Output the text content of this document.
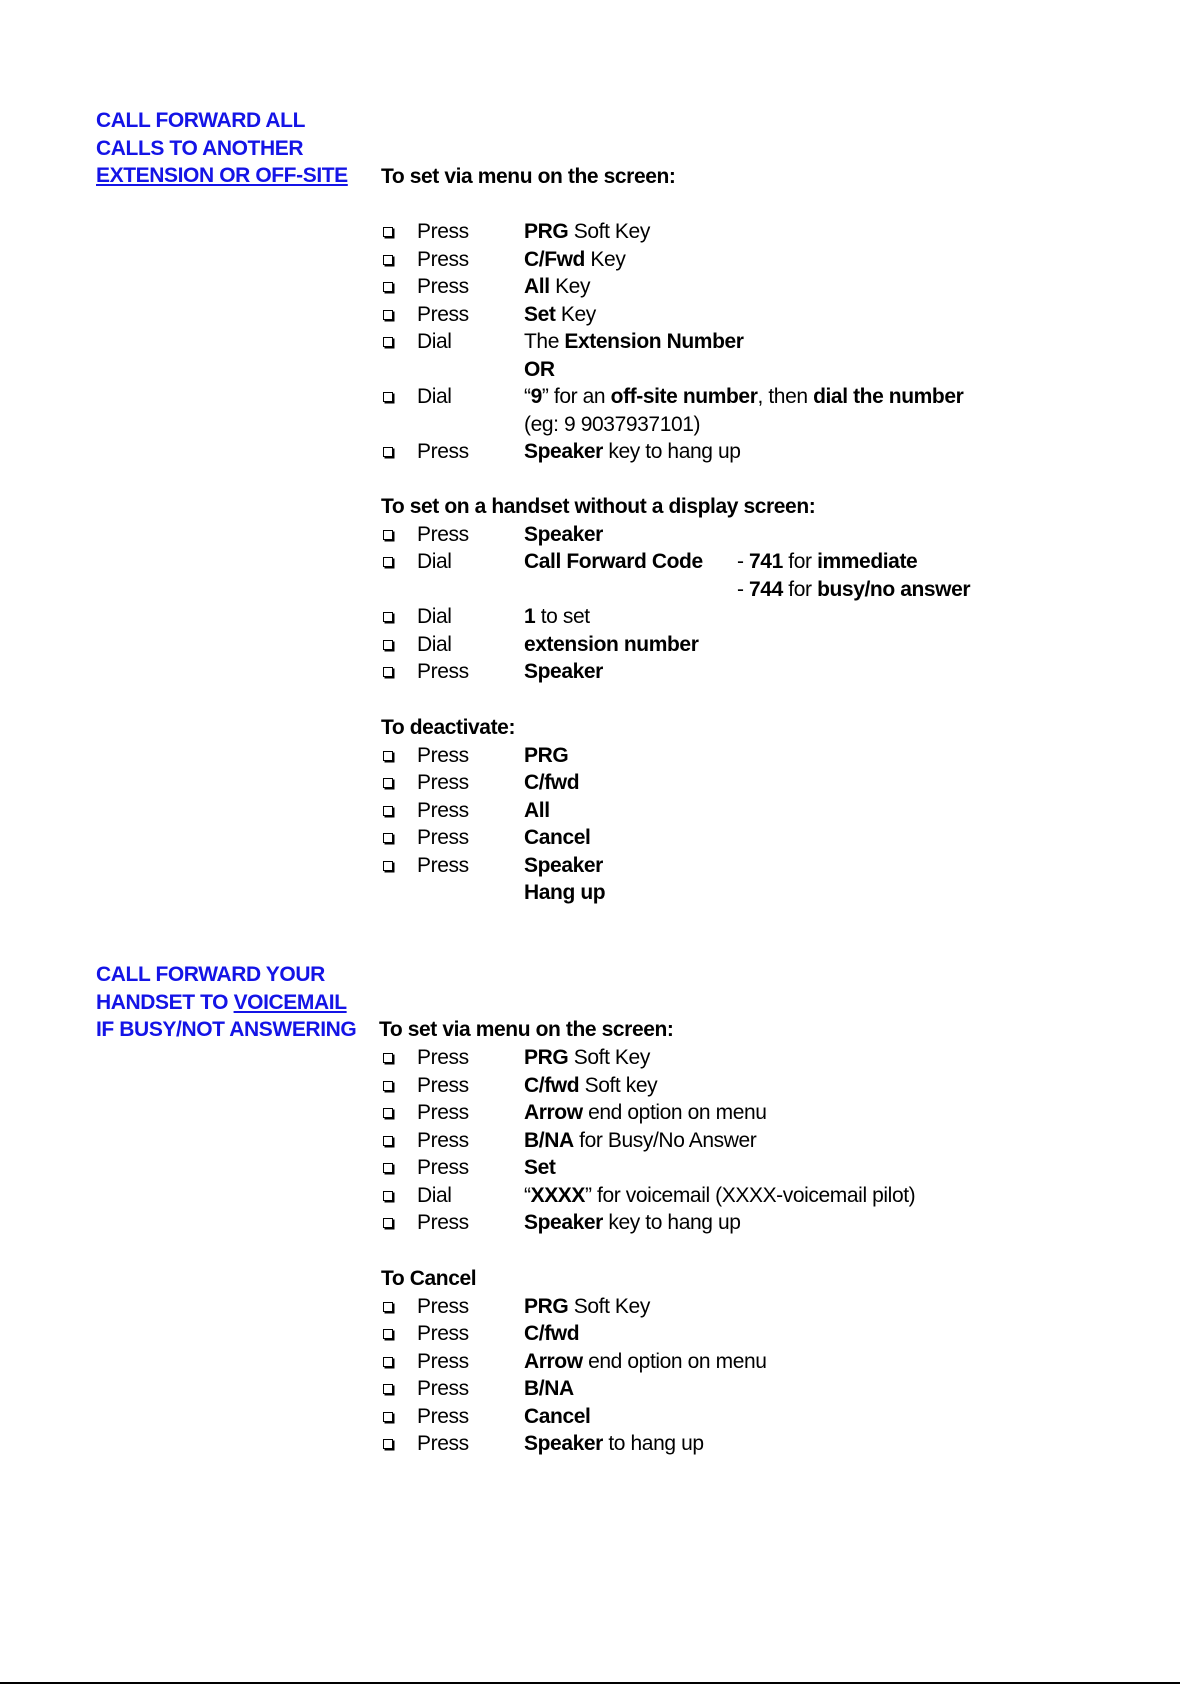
CALL FORWARD ALL
CALLS TO ANOTHER
EXTENSION OR OFF-SITE To set via menu on the screen:
Press	PRG Soft Key
Press	C/Fwd Key
Press	All Key
Press	Set Key
Dial	The Extension Number
OR
Dial	“9” for an off-site number, then dial the number
(eg: 9 9037937101)
Press	Speaker key to hang up
To set on a handset without a display screen:
Press	Speaker
Dial	Call Forward Code - 741 for immediate
- 744 for busy/no answer
Dial	1 to set
Dial	extension number
Press	Speaker
To deactivate:
Press	PRG
Press	C/fwd
Press	All
Press	Cancel
Press	Speaker
Hang up
CALL FORWARD YOUR
HANDSET TO VOICEMAIL
IF BUSY/NOT ANSWERING To set via menu on the screen:
Press	PRG Soft Key
Press	C/fwd Soft key
Press	Arrow end option on menu
Press	B/NA for Busy/No Answer
Press	Set
Dial	“XXXX” for voicemail (XXXX-voicemail pilot)
Press	Speaker key to hang up
To Cancel
Press	PRG Soft Key
Press	C/fwd
Press	Arrow end option on menu
Press	B/NA
Press	Cancel
Press	Speaker to hang up
